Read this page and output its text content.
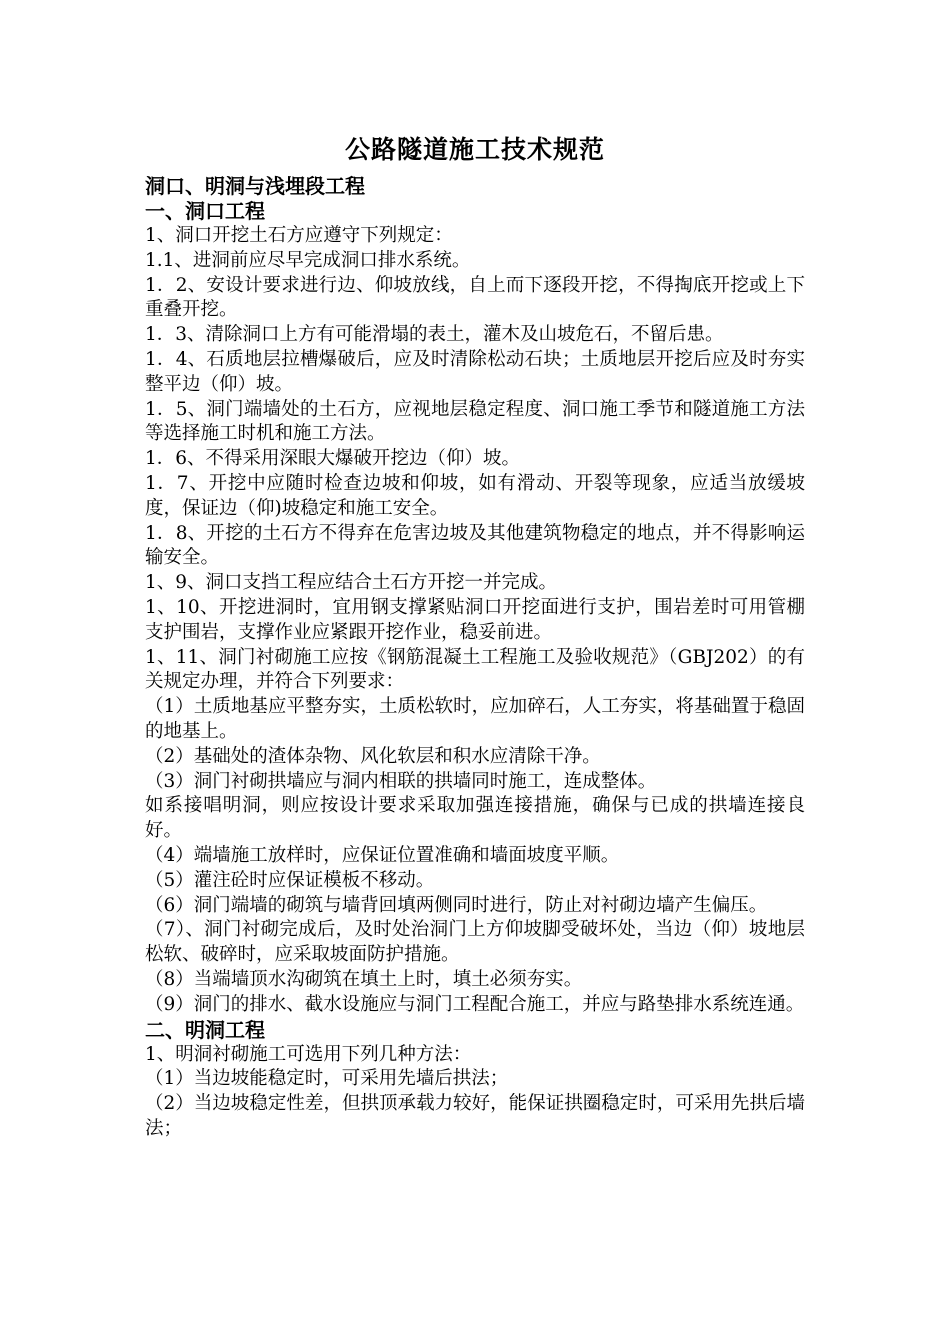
公路隧道施工技术规范
洞口、明洞与浅埋段工程
一、洞口工程

1、洞口开挖土石方应遵守下列规定：

1.1、进洞前应尽早完成洞口排水系统。

1．2、安设计要求进行边、仰坡放线，自上而下逐段开挖，不得掏底开挖或上下重叠开挖。

1．3、清除洞口上方有可能滑塌的表土，灌木及山坡危石，不留后患。

1．4、石质地层拉槽爆破后，应及时清除松动石块；土质地层开挖后应及时夯实整平边（仰）坡。

1．5、洞门端墙处的土石方，应视地层稳定程度、洞口施工季节和隧道施工方法等选择施工时机和施工方法。

1．6、不得采用深眼大爆破开挖边（仰）坡。

1．7、开挖中应随时检查边坡和仰坡，如有滑动、开裂等现象，应适当放缓坡度，保证边（仰)坡稳定和施工安全。

1．8、开挖的土石方不得弃在危害边坡及其他建筑物稳定的地点，并不得影响运输安全。

1、9、洞口支挡工程应结合土石方开挖一并完成。

1、10、开挖进洞时，宜用钢支撑紧贴洞口开挖面进行支护，围岩差时可用管棚支护围岩，支撑作业应紧跟开挖作业，稳妥前进。

1、11、洞门衬砌施工应按《钢筋混凝土工程施工及验收规范》（GBJ202）的有关规定办理，并符合下列要求：

（1）土质地基应平整夯实，土质松软时，应加碎石，人工夯实，将基础置于稳固的地基上。

（2）基础处的渣体杂物、风化软层和积水应清除干净。

（3）洞门衬砌拱墙应与洞内相联的拱墙同时施工，连成整体。

如系接唱明洞，则应按设计要求采取加强连接措施，确保与已成的拱墙连接良好。

（4）端墙施工放样时，应保证位置准确和墙面坡度平顺。

（5）灌注砼时应保证模板不移动。

（6）洞门端墙的砌筑与墙背回填两侧同时进行，防止对衬砌边墙产生偏压。

（7）、洞门衬砌完成后，及时处治洞门上方仰坡脚受破坏处，当边（仰）坡地层松软、破碎时，应采取坡面防护措施。

（8）当端墙顶水沟砌筑在填土上时，填土必须夯实。

（9）洞门的排水、截水设施应与洞门工程配合施工，并应与路垫排水系统连通。

二、明洞工程

1、明洞衬砌施工可选用下列几种方法：

（1）当边坡能稳定时，可采用先墙后拱法；

（2）当边坡稳定性差，但拱顶承载力较好，能保证拱圈稳定时，可采用先拱后墙法；
